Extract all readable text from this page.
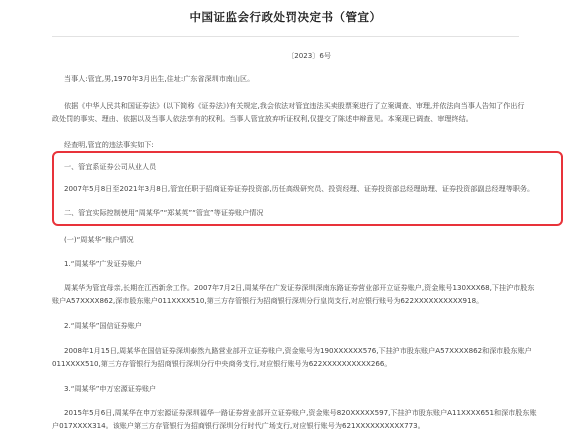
中国证监会行政处罚决定书（管宜）
〔2023〕6号
当事人:管宜,男,1970年3月出生,住址:广东省深圳市南山区。
依据《中华人民共和国证券法》(以下简称《证券法》)有关规定,我会依法对管宜违法买卖股票案进行了立案调查、审理,并依法向当事人告知了作出行
政处罚的事实、理由、依据以及当事人依法享有的权利。当事人管宜放弃听证权利,仅提交了陈述申辩意见。本案现已调查、审理终结。
经查明,管宜的违法事实如下:
一、管宜系证券公司从业人员
2007年5月8日至2021年3月8日,管宜任职于招商证券证券投资部,历任高级研究员、投资经理、证券投资部总经理助理、证券投资部副总经理等职务。
二、管宜实际控制使用“周某华”“郑某英”“管宜”等证券账户情况
(一)“周某华”账户情况
1.“周某华”广发证券账户
周某华为管宜母亲,长期在江西新余工作。2007年7月2日,周某华在广发证券深圳深南东路证券营业部开立证券账户,资金账号130XXX68,下挂沪市股东
账户A57XXXX862,深市股东账户011XXXX510,第三方存管银行为招商银行深圳分行皇岗支行,对应银行账号为622XXXXXXXXXX918。
2.“周某华”国信证券账户
2008年1月15日,周某华在国信证券深圳泰然九路营业部开立证券账户,资金账号为190XXXXXX576,下挂沪市股东账户A57XXXX862和深市股东账户
011XXXX510,第三方存管银行为招商银行深圳分行中央商务支行,对应银行账号为622XXXXXXXXXX266。
3.“周某华”申万宏源证券账户
2015年5月6日,周某华在申万宏源证券深圳福华一路证券营业部开立证券账户,资金账号820XXXXX597,下挂沪市股东账户A11XXXX651和深市股东账
户017XXXX314。该账户第三方存管银行为招商银行深圳分行时代广场支行,对应银行账号为621XXXXXXXXXX773。
